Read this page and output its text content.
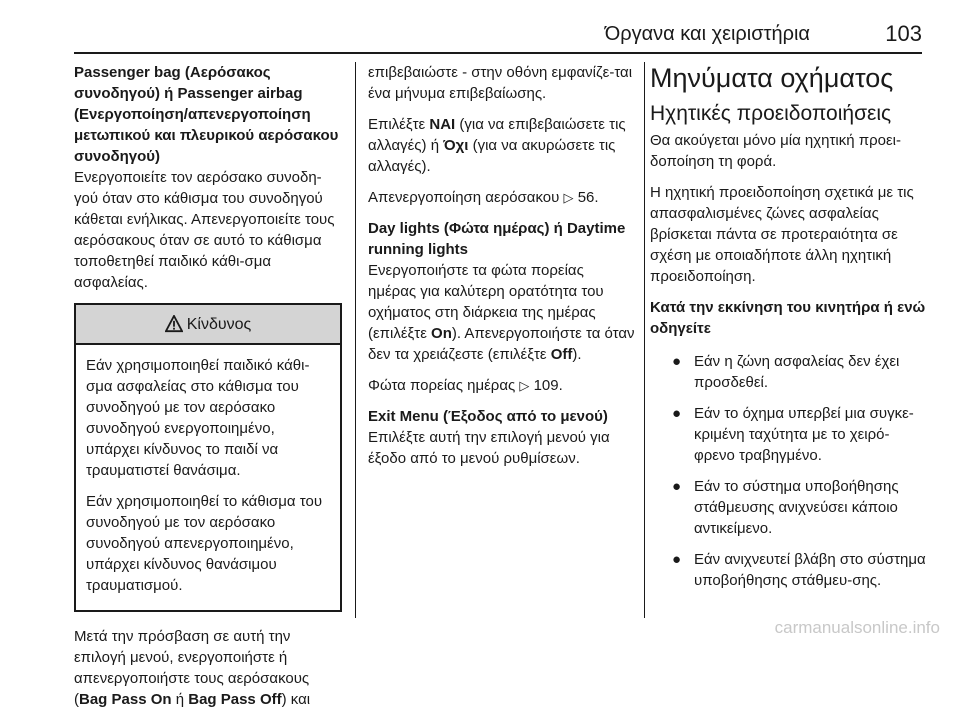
Όργανα και χειριστήρια	103

Passenger bag (Αερόσακος συνοδηγού) ή Passenger airbag (Ενεργοποίηση/απενεργοποίηση μετωπικού και πλευρικού αερόσακου συνοδηγού)

Ενεργοποιείτε τον αερόσακο συνοδη-γού όταν στο κάθισμα του συνοδηγού κάθεται ενήλικας. Απενεργοποιείτε τους αερόσακους όταν σε αυτό το κάθισμα τοποθετηθεί παιδικό κάθι-σμα ασφαλείας.

Κίνδυνος

Εάν χρησιμοποιηθεί παιδικό κάθι-σμα ασφαλείας στο κάθισμα του συνοδηγού με τον αερόσακο συνοδηγού ενεργοποιημένο, υπάρχει κίνδυνος το παιδί να τραυματιστεί θανάσιμα.

Εάν χρησιμοποιηθεί το κάθισμα του συνοδηγού με τον αερόσακο συνοδηγού απενεργοποιημένο, υπάρχει κίνδυνος θανάσιμου τραυματισμού.

Μετά την πρόσβαση σε αυτή την επιλογή μενού, ενεργοποιήστε ή απενεργοποιήστε τους αερόσακους (Bag Pass On ή Bag Pass Off) και

επιβεβαιώστε - στην οθόνη εμφανίζε-ται ένα μήνυμα επιβεβαίωσης.

Επιλέξτε ΝΑΙ (για να επιβεβαιώσετε τις αλλαγές) ή Όχι (για να ακυρώσετε τις αλλαγές).

Απενεργοποίηση αερόσακου ▷ 56.

Day lights (Φώτα ημέρας) ή Daytime running lights

Ενεργοποιήστε τα φώτα πορείας ημέρας για καλύτερη ορατότητα του οχήματος στη διάρκεια της ημέρας (επιλέξτε On). Απενεργοποιήστε τα όταν δεν τα χρειάζεστε (επιλέξτε Off).

Φώτα πορείας ημέρας ▷ 109.

Exit Menu (Έξοδος από το μενού)

Επιλέξτε αυτή την επιλογή μενού για έξοδο από το μενού ρυθμίσεων.

Μηνύματα οχήματος
Ηχητικές προειδοποιήσεις

Θα ακούγεται μόνο μία ηχητική προει-δοποίηση τη φορά.

Η ηχητική προειδοποίηση σχετικά με τις απασφαλισμένες ζώνες ασφαλείας βρίσκεται πάντα σε προτεραιότητα σε σχέση με οποιαδήποτε άλλη ηχητική προειδοποίηση.

Κατά την εκκίνηση του κινητήρα ή ενώ οδηγείτε

● Εάν η ζώνη ασφαλείας δεν έχει προσδεθεί.
● Εάν το όχημα υπερβεί μια συγκε-κριμένη ταχύτητα με το χειρό-φρενο τραβηγμένο.
● Εάν το σύστημα υποβοήθησης στάθμευσης ανιχνεύσει κάποιο αντικείμενο.
● Εάν ανιχνευτεί βλάβη στο σύστημα υποβοήθησης στάθμευ-σης.
carmanualsonline.info
